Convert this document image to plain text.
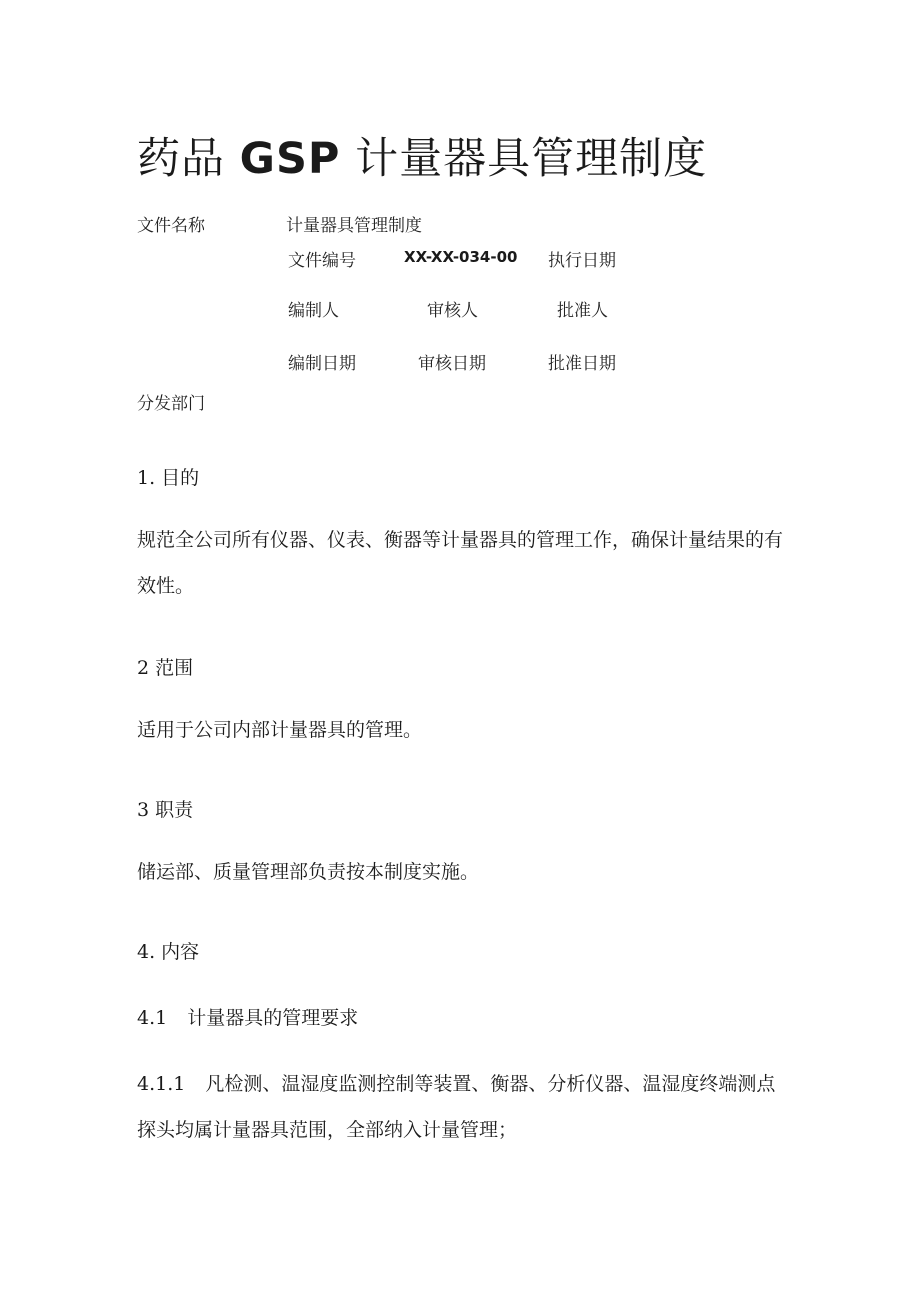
药品 GSP 计量器具管理制度
文件名称	计量器具管理制度
文件编号	XX-XX-034-00 执行日期
编制人	审核人	批准人
编制日期	审核日期	批准日期
分发部门
1. 目的
规范全公司所有仪器、仪表、衡器等计量器具的管理工作，确保计量结果的有效性。
2 范围
适用于公司内部计量器具的管理。
3 职责
储运部、质量管理部负责按本制度实施。
4. 内容
4.1 计量器具的管理要求
4.1.1 凡检测、温湿度监测控制等装置、衡器、分析仪器、温湿度终端测点探头均属计量器具范围，全部纳入计量管理；
